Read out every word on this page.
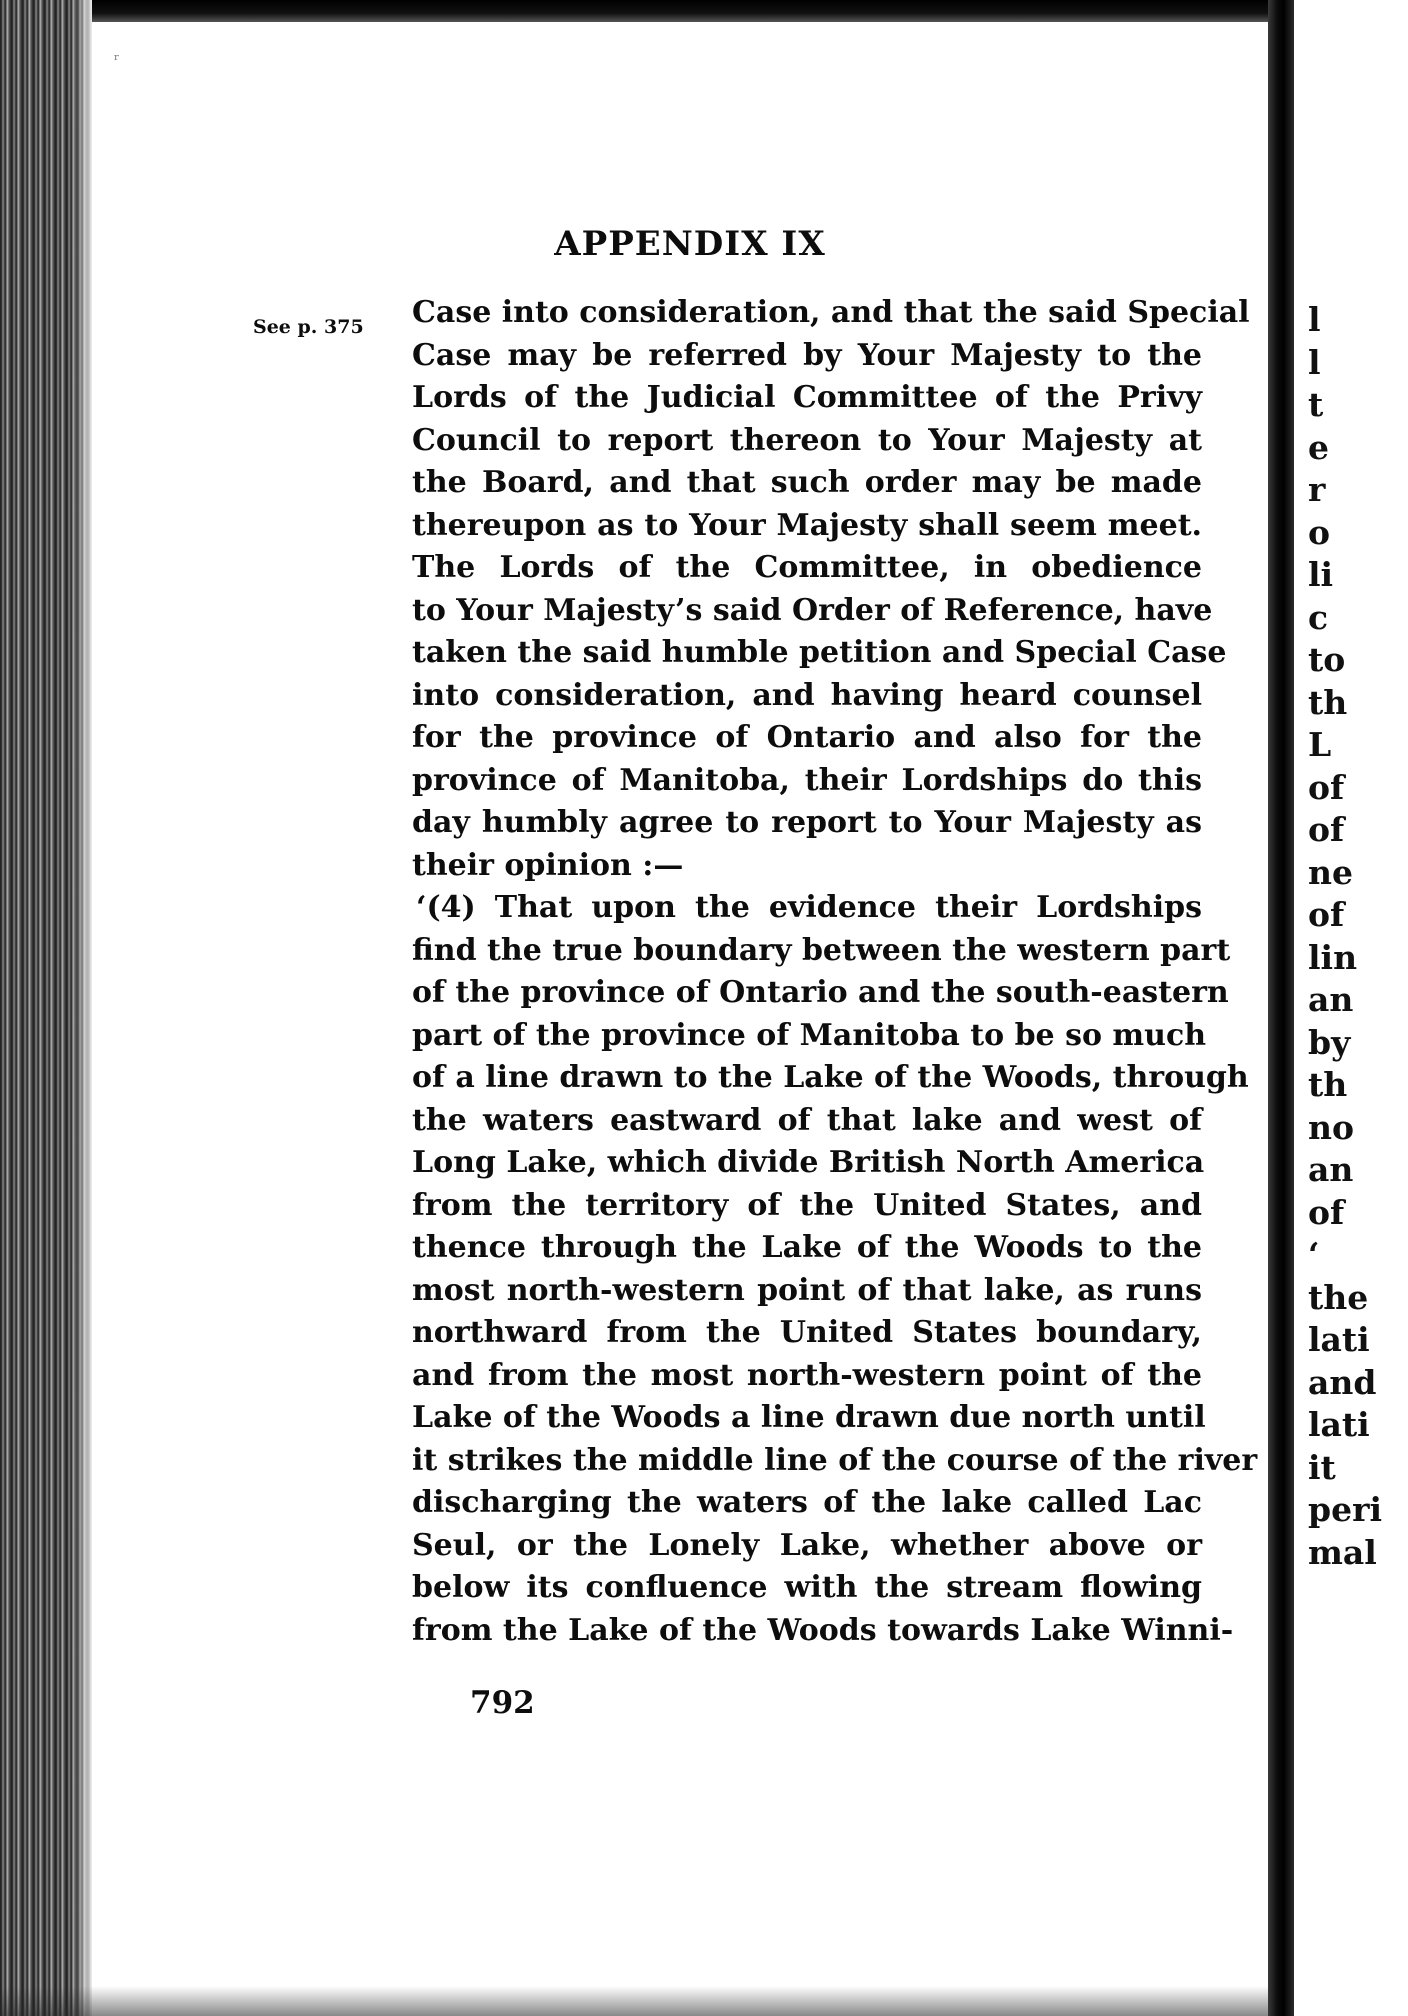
ʳ
APPENDIX IX
See p. 375 Case into consideration, and that the said Special
Case may be referred by Your Majesty to the
Lords of the Judicial Committee of the Privy
Council to report thereon to Your Majesty at
the Board, and that such order may be made
thereupon as to Your Majesty shall seem meet.
The Lords of the Committee, in obedience
to Your Majesty’s said Order of Reference, have
taken the said humble petition and Special Case
into consideration, and having heard counsel
for the province of Ontario and also for the
province of Manitoba, their Lordships do this
day humbly agree to report to Your Majesty as
their opinion :—
‘(4) That upon the evidence their Lordships
find the true boundary between the western part
of the province of Ontario and the south-eastern
part of the province of Manitoba to be so much
of a line drawn to the Lake of the Woods, through
the waters eastward of that lake and west of
Long Lake, which divide British North America
from the territory of the United States, and
thence through the Lake of the Woods to the
most north-western point of that lake, as runs
northward from the United States boundary,
and from the most north-western point of the
Lake of the Woods a line drawn due north until
it strikes the middle line of the course of the river
discharging the waters of the lake called Lac
Seul, or the Lonely Lake, whether above or
below its confluence with the stream flowing
from the Lake of the Woods towards Lake Winni-
792
l
l
t
e
r
o
li
c
to
th
L
of
of
ne
of
lin
an
by
th
no
an
of
‘
the
lati
and
lati
it
peri
mal
